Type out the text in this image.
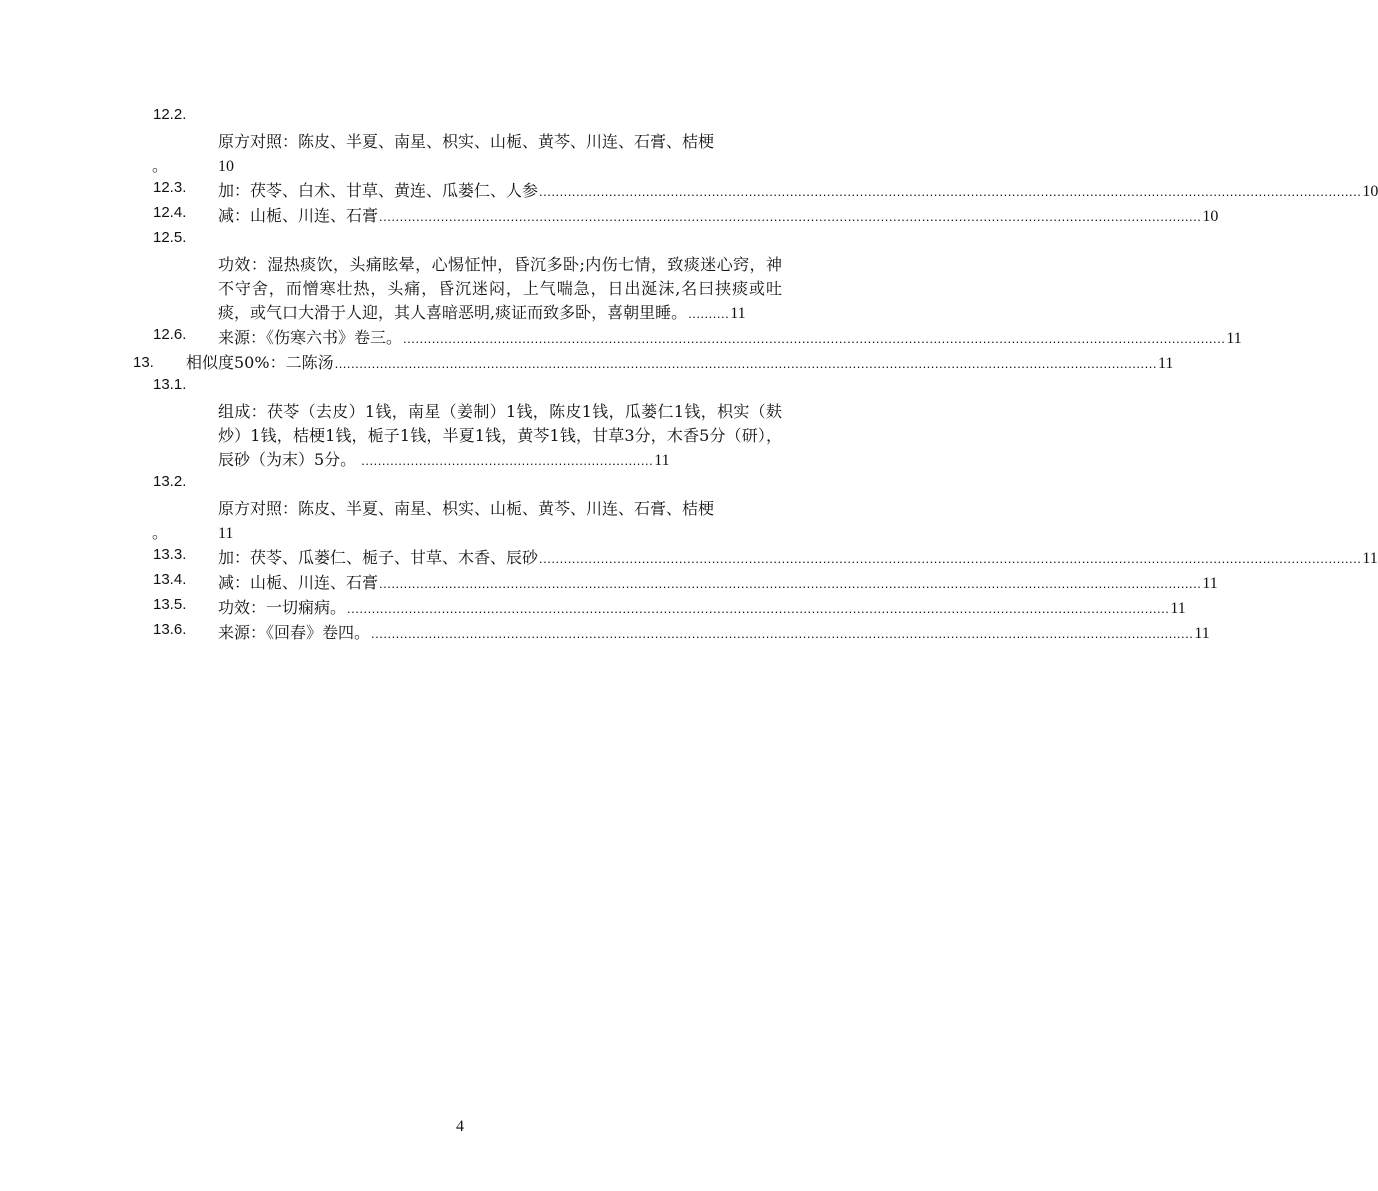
12.2.
原方对照：陈皮、半夏、南星、枳实、山栀、黄芩、川连、石膏、桔梗
。	10
12.3. 加：茯苓、白术、甘草、黄连、瓜蒌仁、人参 ........................................................................................................................................................................................................ 10
12.4. 减：山栀、川连、石膏 ........................................................................................................................................................................................................ 10
12.5.
功效：湿热痰饮，头痛眩晕，心惕怔忡，昏沉多卧;内伤七情，致痰迷心窍，神不守舍，而憎寒壮热，头痛，昏沉迷闷，上气喘急，日出涎沫,名曰挟痰或吐痰，或气口大滑于人迎，其人喜暗恶明,痰证而致多卧，喜朝里睡。..........11
12.6. 来源：《伤寒六书》卷三。 ........................................................................................................................................................................................................ 11
13. 相似度50%：二陈汤 ........................................................................................................................................................................................................ 11
13.1.
组成：茯苓（去皮）1钱，南星（姜制）1钱，陈皮1钱，瓜蒌仁1钱，枳实（麸炒）1钱，桔梗1钱，栀子1钱，半夏1钱，黄芩1钱，甘草3分，木香5分（研），辰砂（为末）5分。 .......................................................................11
13.2.
原方对照：陈皮、半夏、南星、枳实、山栀、黄芩、川连、石膏、桔梗
。	11
13.3. 加：茯苓、瓜蒌仁、栀子、甘草、木香、辰砂 ........................................................................................................................................................................................................ 11
13.4. 减：山栀、川连、石膏 ........................................................................................................................................................................................................ 11
13.5. 功效：一切痫病。 ........................................................................................................................................................................................................ 11
13.6. 来源：《回春》卷四。 ........................................................................................................................................................................................................ 11
4
